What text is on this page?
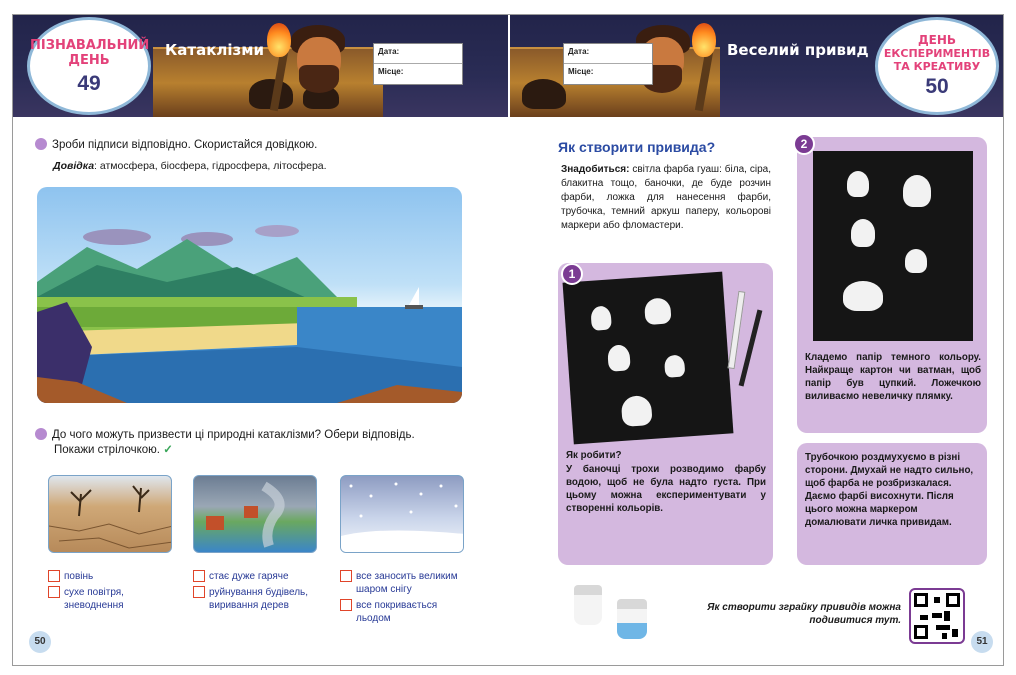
ПІЗНАВАЛЬНИЙ
ДЕНЬ
49
Катаклізми	Дата:
Місце:
Дата:
Місце:
Веселий привид
ДЕНЬ
ЕКСПЕРИМЕНТІВ
ТА КРЕАТИВУ
50
Зроби підписи відповідно. Скористайся довідкою.
Довідка: атмосфера, біосфера, гідросфера, літосфера.
До чого можуть призвести ці природні катаклізми? Обери відповідь.
Покажи стрілочкою. ✓
повінь
сухе повітря, зневоднення
стає дуже гаряче
руйнування будівель, виривання дерев
все заносить великим шаром снігу
все покривається льодом
50
Як створити привида?
Знадобиться: світла фарба гуаш: біла, сіра, блакитна тощо, баночки, де буде розчин фарби, ложка для нанесення фарби, трубочка, темний аркуш паперу, кольорові маркери або фломастери.
Як робити?
У баночці трохи розводимо фарбу водою, щоб не була надто густа. При цьому можна експериментувати у створенні кольорів.
1
Кладемо папір темного кольору. Найкраще картон чи ватман, щоб папір був цупкий. Ложечкою виливаємо невеличку плямку.
2
Трубочкою роздмухуємо в різні сторони. Дмухай не надто сильно, щоб фарба не розбризкалася. Даємо фарбі висохнути. Після цього можна маркером домалювати личка привидам.
Як створити зграйку привидів можна подивитися тут.
51
